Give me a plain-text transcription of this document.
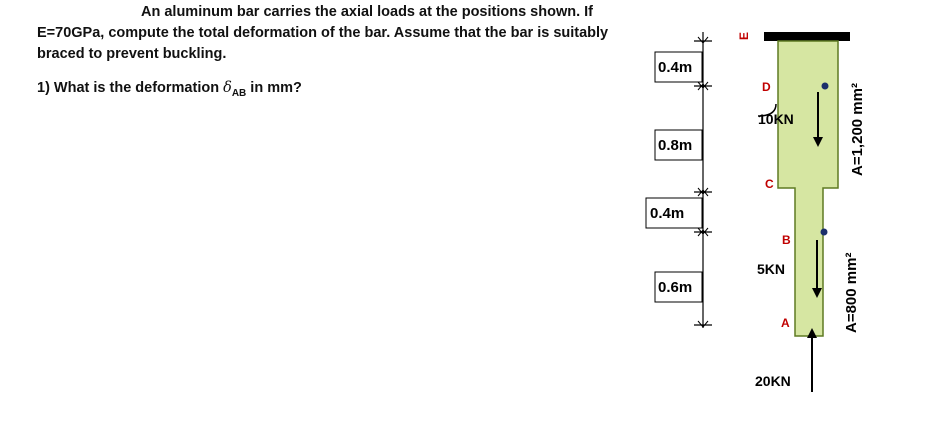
An aluminum bar carries the axial loads at the positions shown. If
E=70GPa, compute the total deformation of the bar. Assume that the bar is suitably
braced to prevent buckling.
1) What is the deformation $\delta_{AB}$ in mm?
0.4m
0.8m
0.4m
0.6m
E
D
C
B
A
10KN
5KN
20KN
A=1,200 mm²
A=800 mm²
